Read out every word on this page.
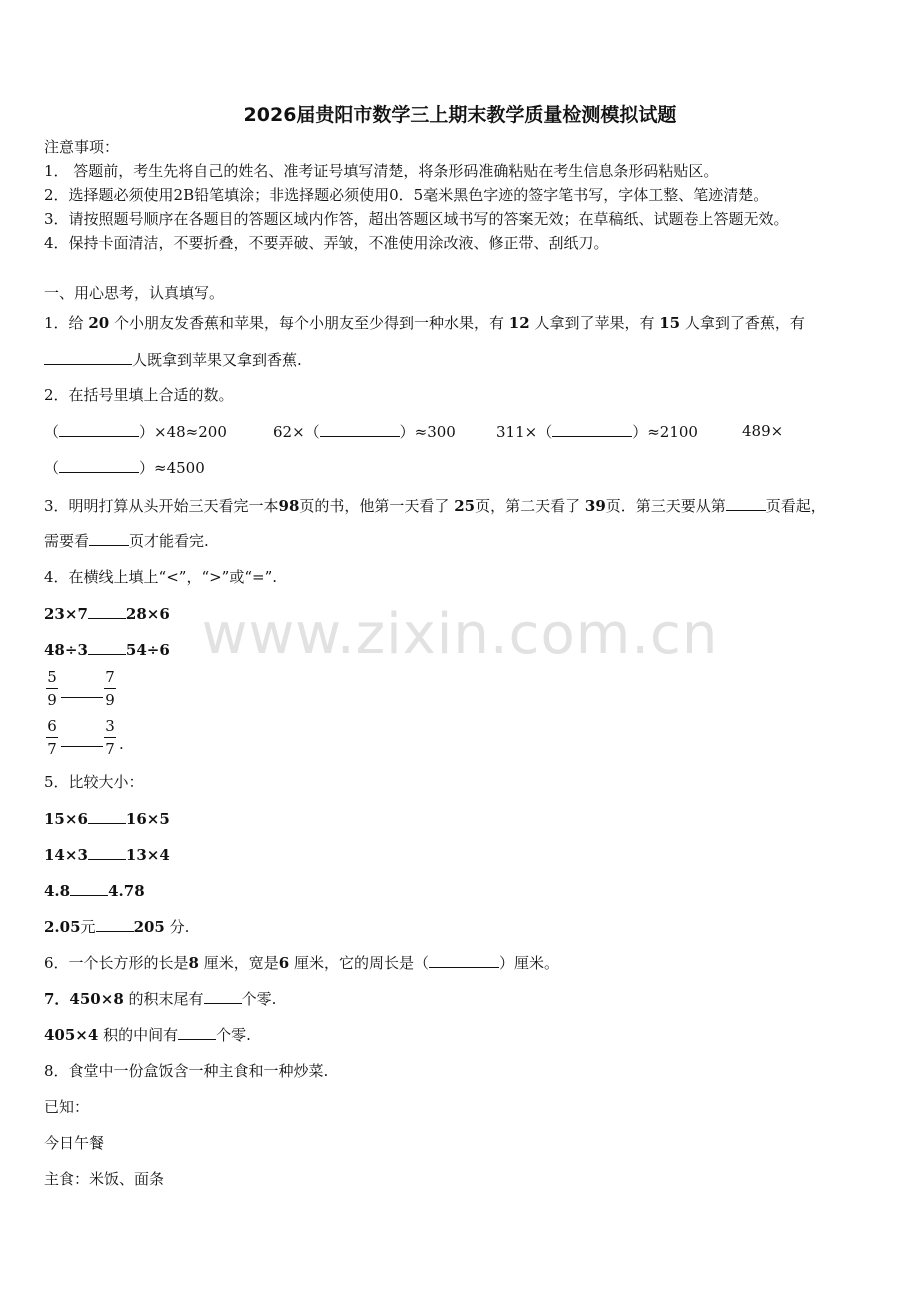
www.zixin.com.cn
2026届贵阳市数学三上期末教学质量检测模拟试题
注意事项：
1． 答题前，考生先将自己的姓名、准考证号填写清楚，将条形码准确粘贴在考生信息条形码粘贴区。
2．选择题必须使用2B铅笔填涂；非选择题必须使用0．5毫米黑色字迹的签字笔书写，字体工整、笔迹清楚。
3．请按照题号顺序在各题目的答题区域内作答，超出答题区域书写的答案无效；在草稿纸、试题卷上答题无效。
4．保持卡面清洁，不要折叠，不要弄破、弄皱，不准使用涂改液、修正带、刮纸刀。
一、用心思考，认真填写。
1．给 20 个小朋友发香蕉和苹果，每个小朋友至少得到一种水果，有 12 人拿到了苹果，有 15 人拿到了香蕉，有
人既拿到苹果又拿到香蕉.
2．在括号里填上合适的数。
（	）×48≈200	62×（	）≈300	311×（	）≈2100	489×
（	）≈4500
3．明明打算从头开始三天看完一本98页的书，他第一天看了 25页，第二天看了 39页．第三天要从第	页看起，
需要看	页才能看完.
4．在横线上填上“<”，“>”或“=”.
23×7	28×6
48÷3	54÷6
5
9
7
9
6
7
3
7 .
5．比较大小：
15×6	16×5
14×3	13×4
4.8	4.78
2.05元	205 分.
6．一个长方形的长是8 厘米，宽是6 厘米，它的周长是（	）厘米。
7．450×8 的积末尾有	个零.
405×4 积的中间有	个零.
8．食堂中一份盒饭含一种主食和一种炒菜.
已知：
今日午餐
主食：米饭、面条
